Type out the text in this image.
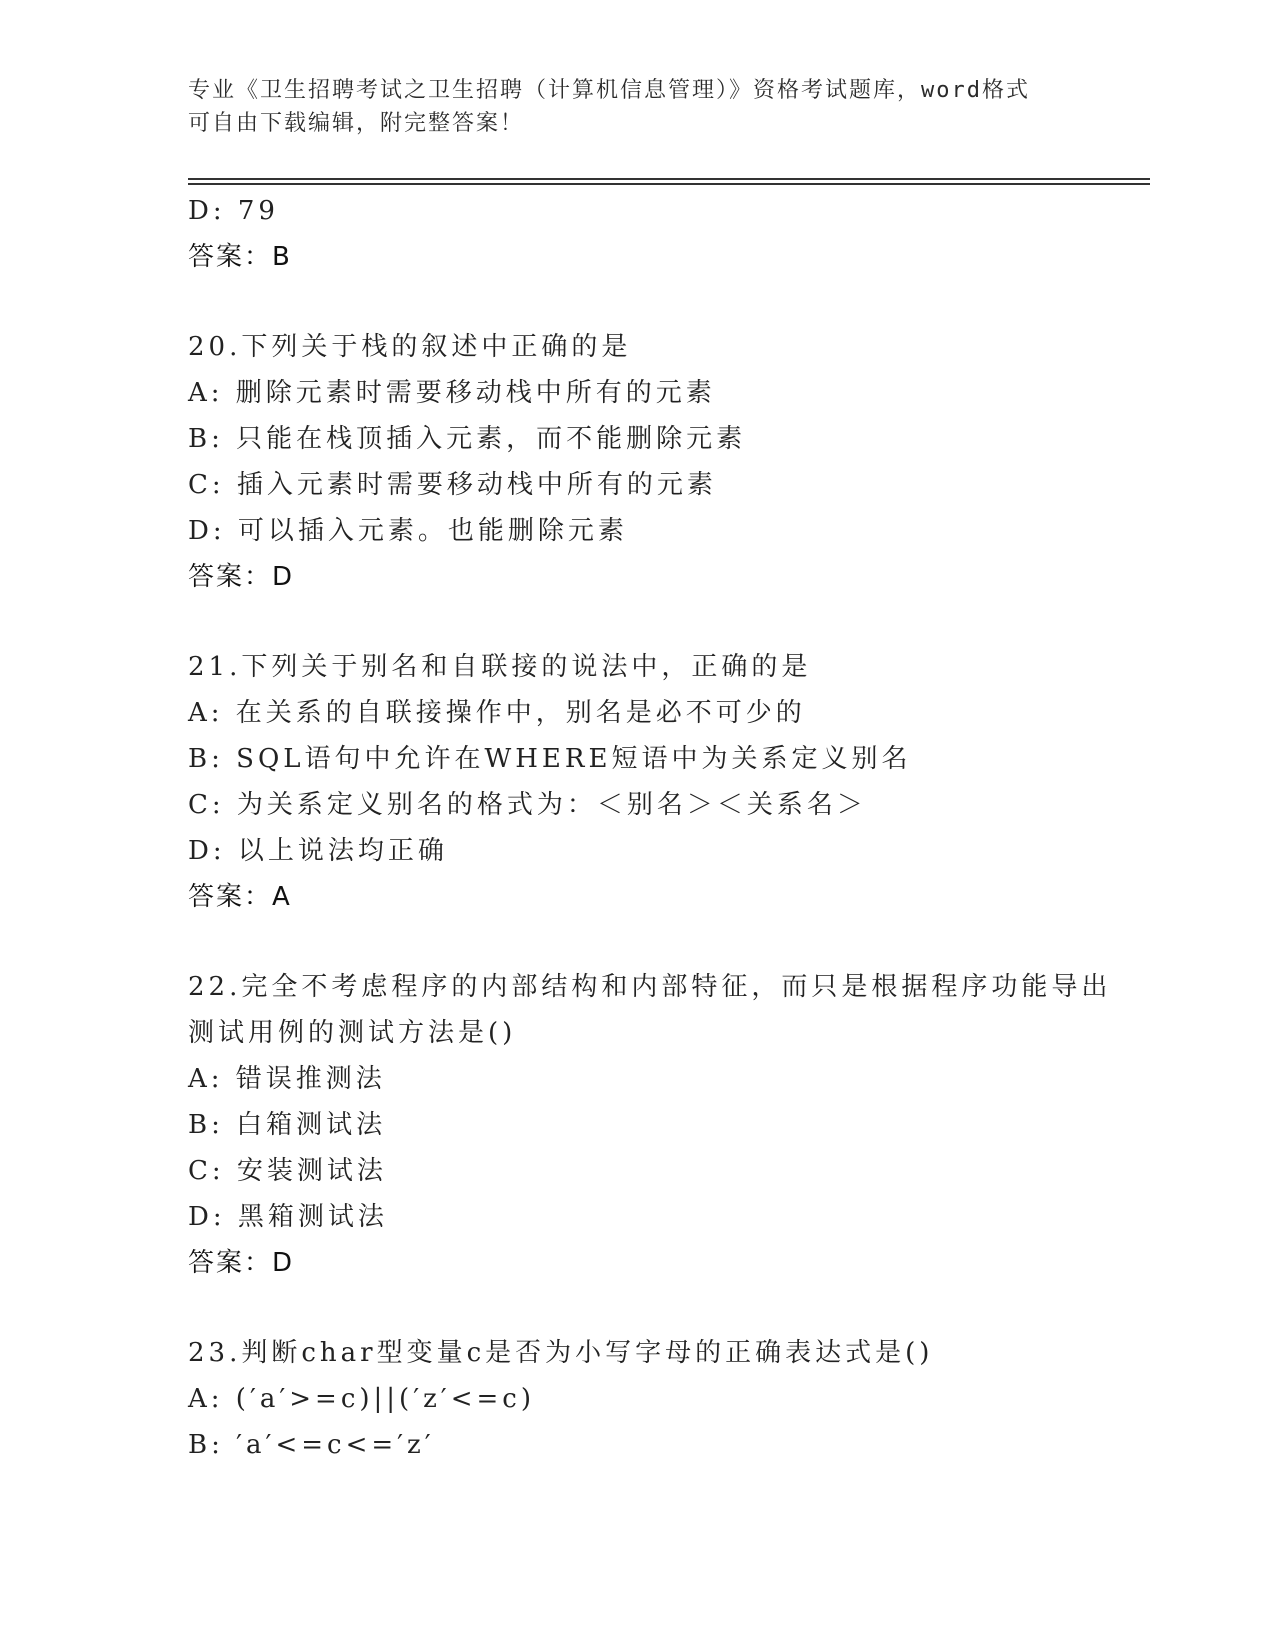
专业《卫生招聘考试之卫生招聘（计算机信息管理）》资格考试题库，word格式
可自由下载编辑，附完整答案！
D: 79
答案：B
20.下列关于栈的叙述中正确的是
A: 删除元素时需要移动栈中所有的元素
B: 只能在栈顶插入元素，而不能删除元素
C: 插入元素时需要移动栈中所有的元素
D: 可以插入元素。也能删除元素
答案：D
21.下列关于别名和自联接的说法中，正确的是
A: 在关系的自联接操作中，别名是必不可少的
B: SQL语句中允许在WHERE短语中为关系定义别名
C: 为关系定义别名的格式为：＜别名＞＜关系名＞
D: 以上说法均正确
答案：A
22.完全不考虑程序的内部结构和内部特征，而只是根据程序功能导出
测试用例的测试方法是()
A: 错误推测法
B: 白箱测试法
C: 安装测试法
D: 黑箱测试法
答案：D
23.判断char型变量c是否为小写字母的正确表达式是()
A: (′a′>=c)||(′z′<=c)
B: ′a′<=c<=′z′
